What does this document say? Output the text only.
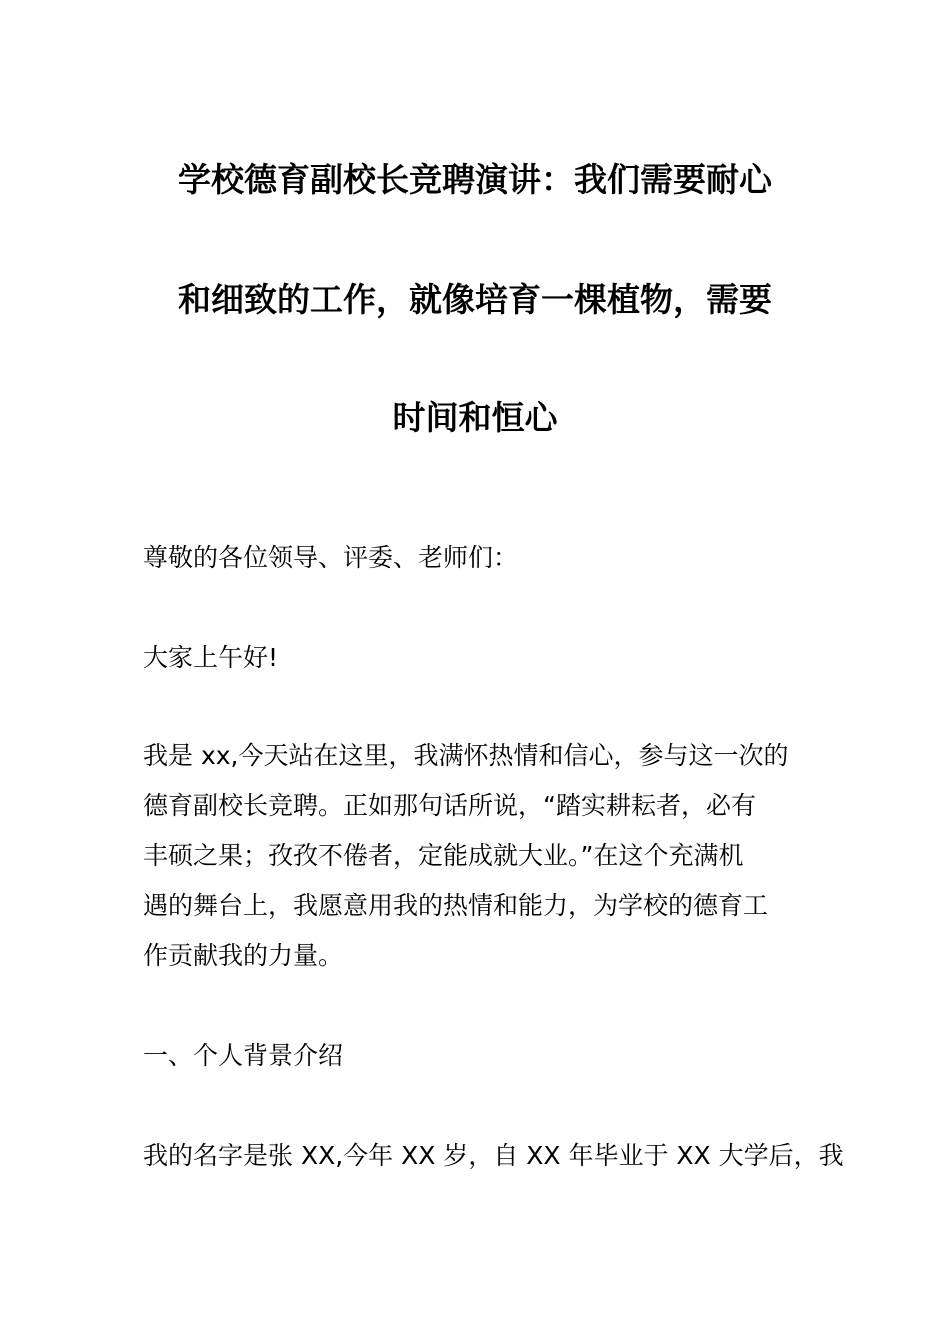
学校德育副校长竞聘演讲：我们需要耐心
和细致的工作，就像培育一棵植物，需要
时间和恒心

尊敬的各位领导、评委、老师们：

大家上午好!

我是 xx,今天站在这里，我满怀热情和信心，参与这一次的
德育副校长竞聘。正如那句话所说，“踏实耕耘者，必有
丰硕之果；孜孜不倦者，定能成就大业。”在这个充满机
遇的舞台上，我愿意用我的热情和能力，为学校的德育工
作贡献我的力量。

一、个人背景介绍

我的名字是张 XX,今年 XX 岁，自 XX 年毕业于 XX 大学后，我
